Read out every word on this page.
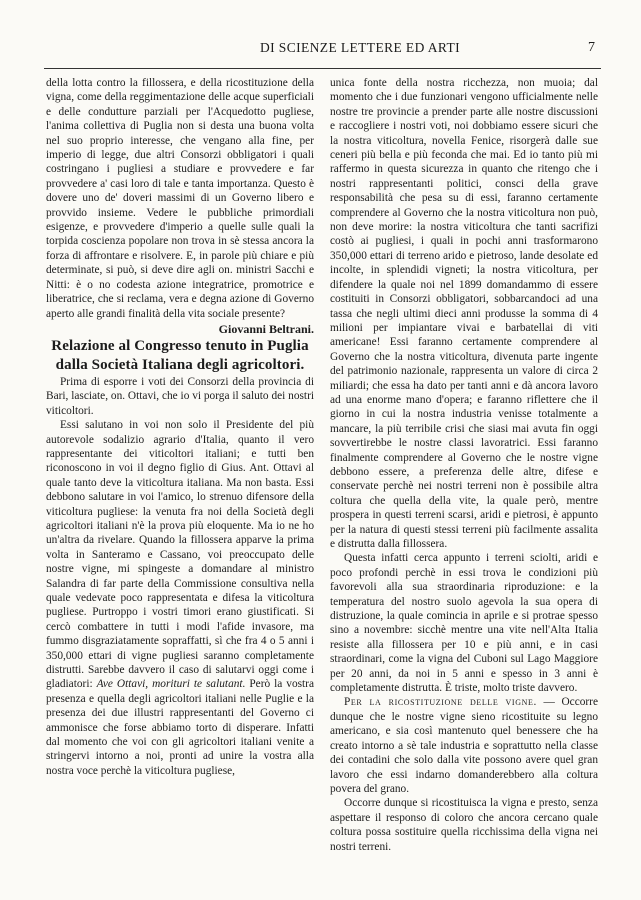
DI SCIENZE LETTERE ED ARTI	7

della lotta contro la fillossera, e della ricostituzione della vigna, come della reggimentazione delle acque superficiali e delle condutture parziali per l'Acquedotto pugliese, l'anima collettiva di Puglia non si desta una buona volta nel suo proprio interesse, che vengano alla fine, per imperio di legge, due altri Consorzi obbligatori i quali costringano i pugliesi a studiare e provvedere e far provvedere a' casi loro di tale e tanta importanza. Questo è dovere uno de' doveri massimi di un Governo libero e provvido insieme. Vedere le pubbliche primordiali esigenze, e provvedere d'imperio a quelle sulle quali la torpida coscienza popolare non trova in sè stessa ancora la forza di affrontare e risolvere. E, in parole più chiare e più determinate, si può, si deve dire agli on. ministri Sacchi e Nitti: è o no codesta azione integratrice, promotrice e liberatrice, che si reclama, vera e degna azione di Governo aperto alle grandi finalità della vita sociale presente?

Giovanni Beltrani.

Relazione al Congresso tenuto in Puglia dalla Società Italiana degli agricoltori.

Prima di esporre i voti dei Consorzi della provincia di Bari, lasciate, on. Ottavi, che io vi porga il saluto dei nostri viticoltori.

Essi salutano in voi non solo il Presidente del più autorevole sodalizio agrario d'Italia, quanto il vero rappresentante dei viticoltori italiani; e tutti ben riconoscono in voi il degno figlio di Gius. Ant. Ottavi al quale tanto deve la viticoltura italiana. Ma non basta. Essi debbono salutare in voi l'amico, lo strenuo difensore della viticoltura pugliese: la venuta fra noi della Società degli agricoltori italiani n'è la prova più eloquente. Ma io ne ho un'altra da rivelare. Quando la fillossera apparve la prima volta in Santeramo e Cassano, voi preoccupato delle nostre vigne, mi spingeste a domandare al ministro Salandra di far parte della Commissione consultiva nella quale vedevate poco rappresentata e difesa la viticoltura pugliese. Purtroppo i vostri timori erano giustificati. Si cercò combattere in tutti i modi l'afide invasore, ma fummo disgraziatamente sopraffatti, sì che fra 4 o 5 anni i 350,000 ettari di vigne pugliesi saranno completamente distrutti. Sarebbe davvero il caso di salutarvi oggi come i gladiatori: Ave Ottavi, morituri te salutant. Però la vostra presenza e quella degli agricoltori italiani nelle Puglie e la presenza dei due illustri rappresentanti del Governo ci ammonisce che forse abbiamo torto di disperare. Infatti dal momento che voi con gli agricoltori italiani venite a stringervi intorno a noi, pronti ad unire la vostra alla nostra voce perchè la viticoltura pugliese,

unica fonte della nostra ricchezza, non muoia; dal momento che i due funzionari vengono ufficialmente nelle nostre tre provincie a prender parte alle nostre discussioni e raccogliere i nostri voti, noi dobbiamo essere sicuri che la nostra viticoltura, novella Fenice, risorgerà dalle sue ceneri più bella e più feconda che mai. Ed io tanto più mi raffermo in questa sicurezza in quanto che ritengo che i nostri rappresentanti politici, consci della grave responsabilità che pesa su di essi, faranno certamente comprendere al Governo che la nostra viticoltura non può, non deve morire: la nostra viticoltura che tanti sacrifizi costò ai pugliesi, i quali in pochi anni trasformarono 350,000 ettari di terreno arido e pietroso, lande desolate ed incolte, in splendidi vigneti; la nostra viticoltura, per difendere la quale noi nel 1899 domandammo di essere costituiti in Consorzi obbligatori, sobbarcandoci ad una tassa che negli ultimi dieci anni produsse la somma di 4 milioni per impiantare vivai e barbatellai di viti americane! Essi faranno certamente comprendere al Governo che la nostra viticoltura, divenuta parte ingente del patrimonio nazionale, rappresenta un valore di circa 2 miliardi; che essa ha dato per tanti anni e dà ancora lavoro ad una enorme mano d'opera; e faranno riflettere che il giorno in cui la nostra industria venisse totalmente a mancare, la più terribile crisi che siasi mai avuta fin oggi sovvertirebbe le nostre classi lavoratrici. Essi faranno finalmente comprendere al Governo che le nostre vigne debbono essere, a preferenza delle altre, difese e conservate perchè nei nostri terreni non è possibile altra coltura che quella della vite, la quale però, mentre prospera in questi terreni scarsi, aridi e pietrosi, è appunto per la natura di questi stessi terreni più facilmente assalita e distrutta dalla fillossera.

Questa infatti cerca appunto i terreni sciolti, aridi e poco profondi perchè in essi trova le condizioni più favorevoli alla sua straordinaria riproduzione: e la temperatura del nostro suolo agevola la sua opera di distruzione, la quale comincia in aprile e si protrae spesso sino a novembre: sicchè mentre una vite nell'Alta Italia resiste alla fillossera per 10 e più anni, e in casi straordinari, come la vigna del Cuboni sul Lago Maggiore per 20 anni, da noi in 5 anni e spesso in 3 anni è completamente distrutta. È triste, molto triste davvero.

Per la ricostituzione delle vigne. — Occorre dunque che le nostre vigne sieno ricostituite su legno americano, e sia così mantenuto quel benessere che ha creato intorno a sè tale industria e soprattutto nella classe dei contadini che solo dalla vite possono avere quel gran lavoro che essi indarno domanderebbero alla coltura povera del grano.

Occorre dunque si ricostituisca la vigna e presto, senza aspettare il responso di coloro che ancora cercano quale coltura possa sostituire quella ricchissima della vigna nei nostri terreni.
